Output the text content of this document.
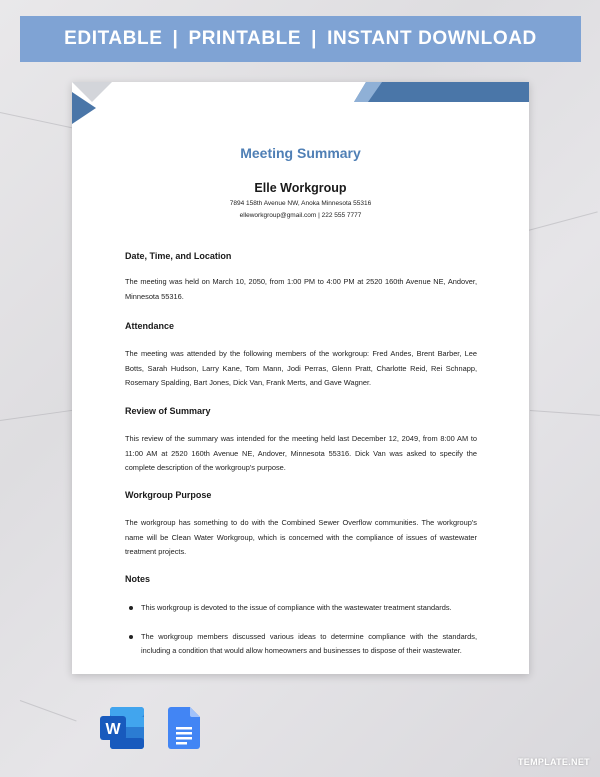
EDITABLE | PRINTABLE | INSTANT DOWNLOAD
Meeting Summary
Elle Workgroup
7894 158th Avenue NW, Anoka Minnesota 55316
elleworkgroup@gmail.com | 222 555 7777
Date, Time, and Location
The meeting was held on March 10, 2050, from 1:00 PM to 4:00 PM at 2520 160th Avenue NE, Andover, Minnesota 55316.
Attendance
The meeting was attended by the following members of the workgroup: Fred Andes, Brent Barber, Lee Botts, Sarah Hudson, Larry Kane, Tom Mann, Jodi Perras, Glenn Pratt, Charlotte Reid, Rei Schnapp, Rosemary Spalding, Bart Jones, Dick Van, Frank Merts, and Gave Wagner.
Review of Summary
This review of the summary was intended for the meeting held last December 12, 2049, from 8:00 AM to 11:00 AM at 2520 160th Avenue NE, Andover, Minnesota 55316. Dick Van was asked to specify the complete description of the workgroup's purpose.
Workgroup Purpose
The workgroup has something to do with the Combined Sewer Overflow communities. The workgroup's name will be Clean Water Workgroup, which is concerned with the compliance of issues of wastewater treatment projects.
Notes
This workgroup is devoted to the issue of compliance with the wastewater treatment standards.
The workgroup members discussed various ideas to determine compliance with the standards, including a condition that would allow homeowners and businesses to dispose of their wastewater.
W
TEMPLATE.NET
